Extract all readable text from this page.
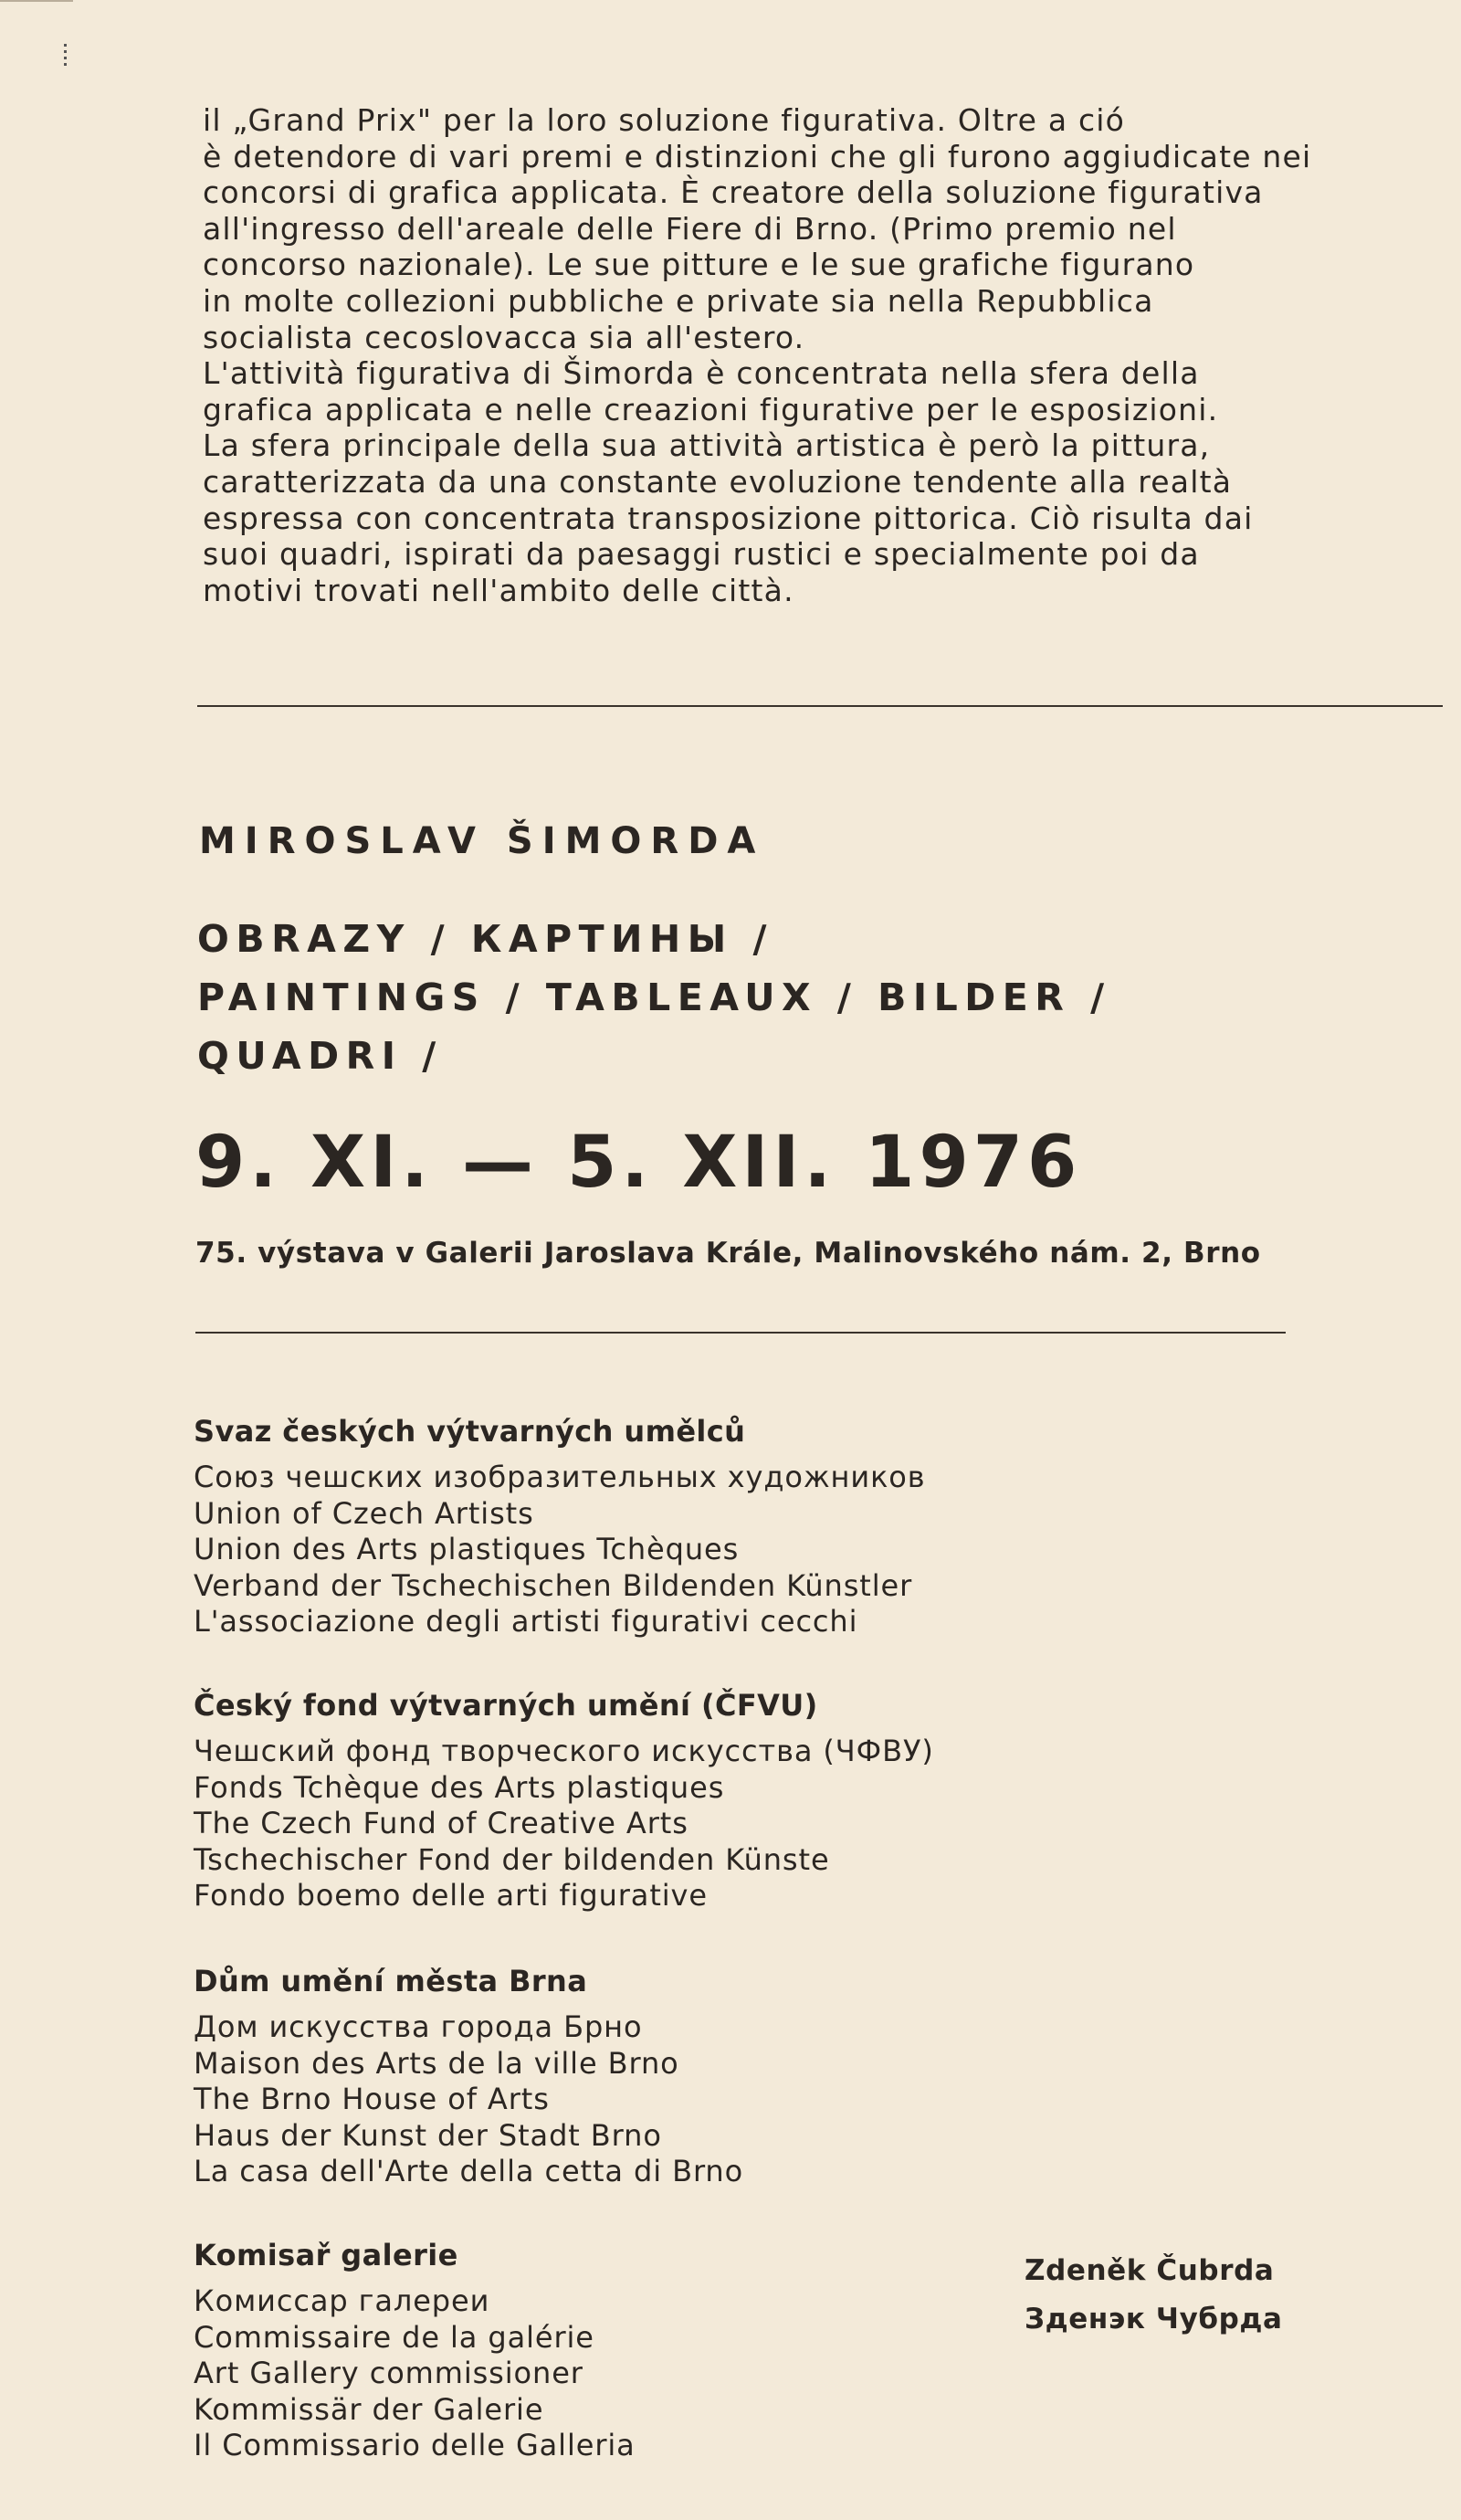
il „Grand Prix" per la loro soluzione figurativa. Oltre a ció

è detendore di vari premi e distinzioni che gli furono aggiudicate nei

concorsi di grafica applicata. È creatore della soluzione figurativa

all'ingresso dell'areale delle Fiere di Brno. (Primo premio nel

concorso nazionale). Le sue pitture e le sue grafiche figurano

in molte collezioni pubbliche e private sia nella Repubblica

socialista cecoslovacca sia all'estero.

L'attività figurativa di Šimorda è concentrata nella sfera della

grafica applicata e nelle creazioni figurative per le esposizioni.

La sfera principale della sua attività artistica è però la pittura,

caratterizzata da una constante evoluzione tendente alla realtà

espressa con concentrata transposizione pittorica. Ciò risulta dai

suoi quadri, ispirati da paesaggi rustici e specialmente poi da

motivi trovati nell'ambito delle città.

MIROSLAV ŠIMORDA
OBRAZY / КАРТИНЫ /
PAINTINGS / TABLEAUX / BILDER /
QUADRI /
9. XI. — 5. XII. 1976
75. výstava v Galerii Jaroslava Krále, Malinovského nám. 2, Brno
Svaz českých výtvarných umělců
Союз чешских изобразительных художников
Union of Czech Artists
Union des Arts plastiques Tchèques
Verband der Tschechischen Bildenden Künstler
L'associazione degli artisti figurativi cecchi
Český fond výtvarných umění (ČFVU)
Чешский фонд творческого искусства (ЧФВУ)
Fonds Tchèque des Arts plastiques
The Czech Fund of Creative Arts
Tschechischer Fond der bildenden Künste
Fondo boemo delle arti figurative
Dům umění města Brna
Дом искусства города Брно
Maison des Arts de la ville Brno
The Brno House of Arts
Haus der Kunst der Stadt Brno
La casa dell'Arte della cetta di Brno
Komisař galerie
Комиссар галереи
Commissaire de la galérie
Art Gallery commissioner
Kommissär der Galerie
Il Commissario delle Galleria
Zdeněk Čubrda
Зденэк Чубрда
